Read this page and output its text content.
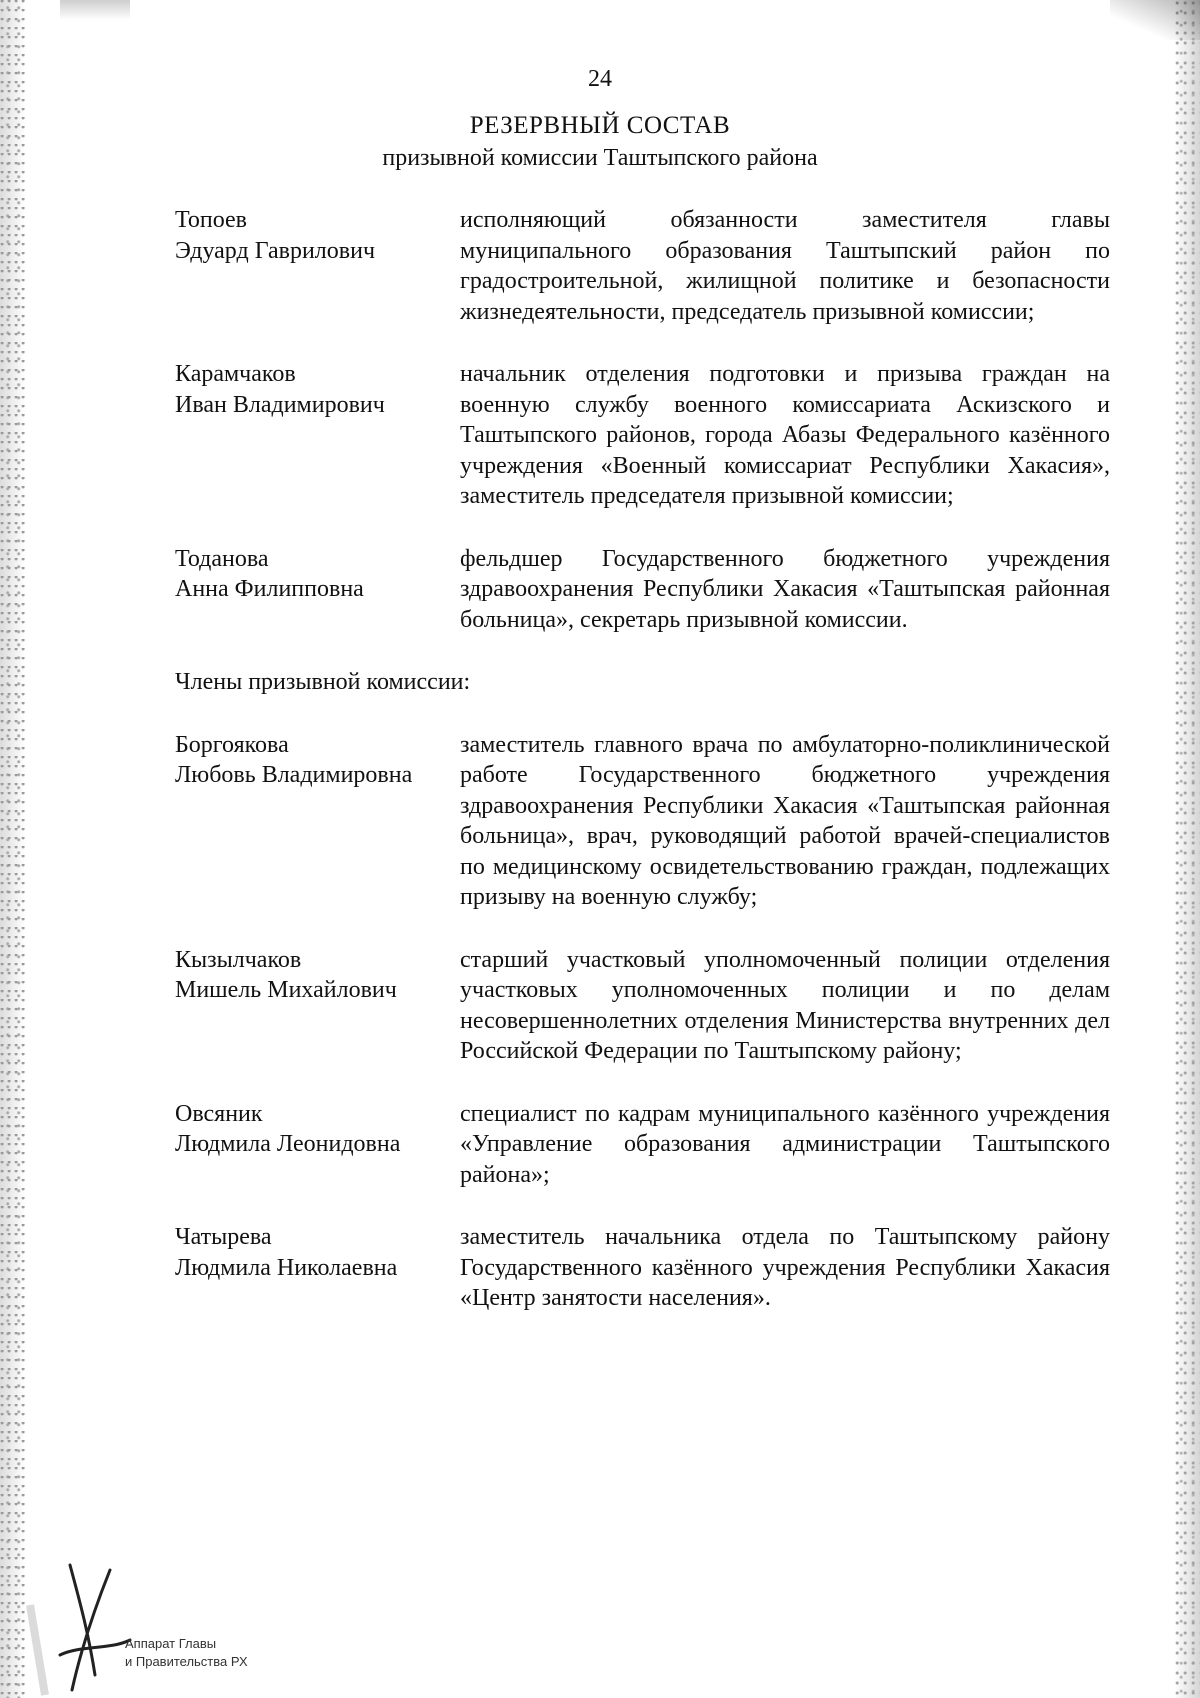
24
РЕЗЕРВНЫЙ СОСТАВ
призывной комиссии Таштыпского района
Топоев
Эдуард Гаврилович
исполняющий обязанности заместителя главы муниципального образования Таштыпский район по градостроительной, жилищной политике и безопасности жизнедеятельности, председатель призывной комиссии;
Карамчаков
Иван Владимирович
начальник отделения подготовки и призыва граждан на военную службу военного комиссариата Аскизского и Таштыпского районов, города Абазы Федерального казённого учреждения «Военный комиссариат Республики Хакасия», заместитель председателя призывной комиссии;
Тоданова
Анна Филипповна
фельдшер Государственного бюджетного учреждения здравоохранения Республики Хакасия «Таштыпская районная больница», секретарь призывной комиссии.
Члены призывной комиссии:
Боргоякова
Любовь Владимировна
заместитель главного врача по амбулаторно-поликлинической работе Государственного бюджетного учреждения здравоохранения Республики Хакасия «Таштыпская районная больница», врач, руководящий работой врачей-специалистов по медицинскому освидетельствованию граждан, подлежащих призыву на военную службу;
Кызылчаков
Мишель Михайлович
старший участковый уполномоченный полиции отделения участковых уполномоченных полиции и по делам несовершеннолетних отделения Министерства внутренних дел Российской Федерации по Таштыпскому району;
Овсяник
Людмила Леонидовна
специалист по кадрам муниципального казённого учреждения «Управление образования администрации Таштыпского района»;
Чатырева
Людмила Николаевна
заместитель начальника отдела по Таштыпскому району Государственного казённого учреждения Республики Хакасия «Центр занятости населения».
Аппарат Главы
и Правительства РХ
